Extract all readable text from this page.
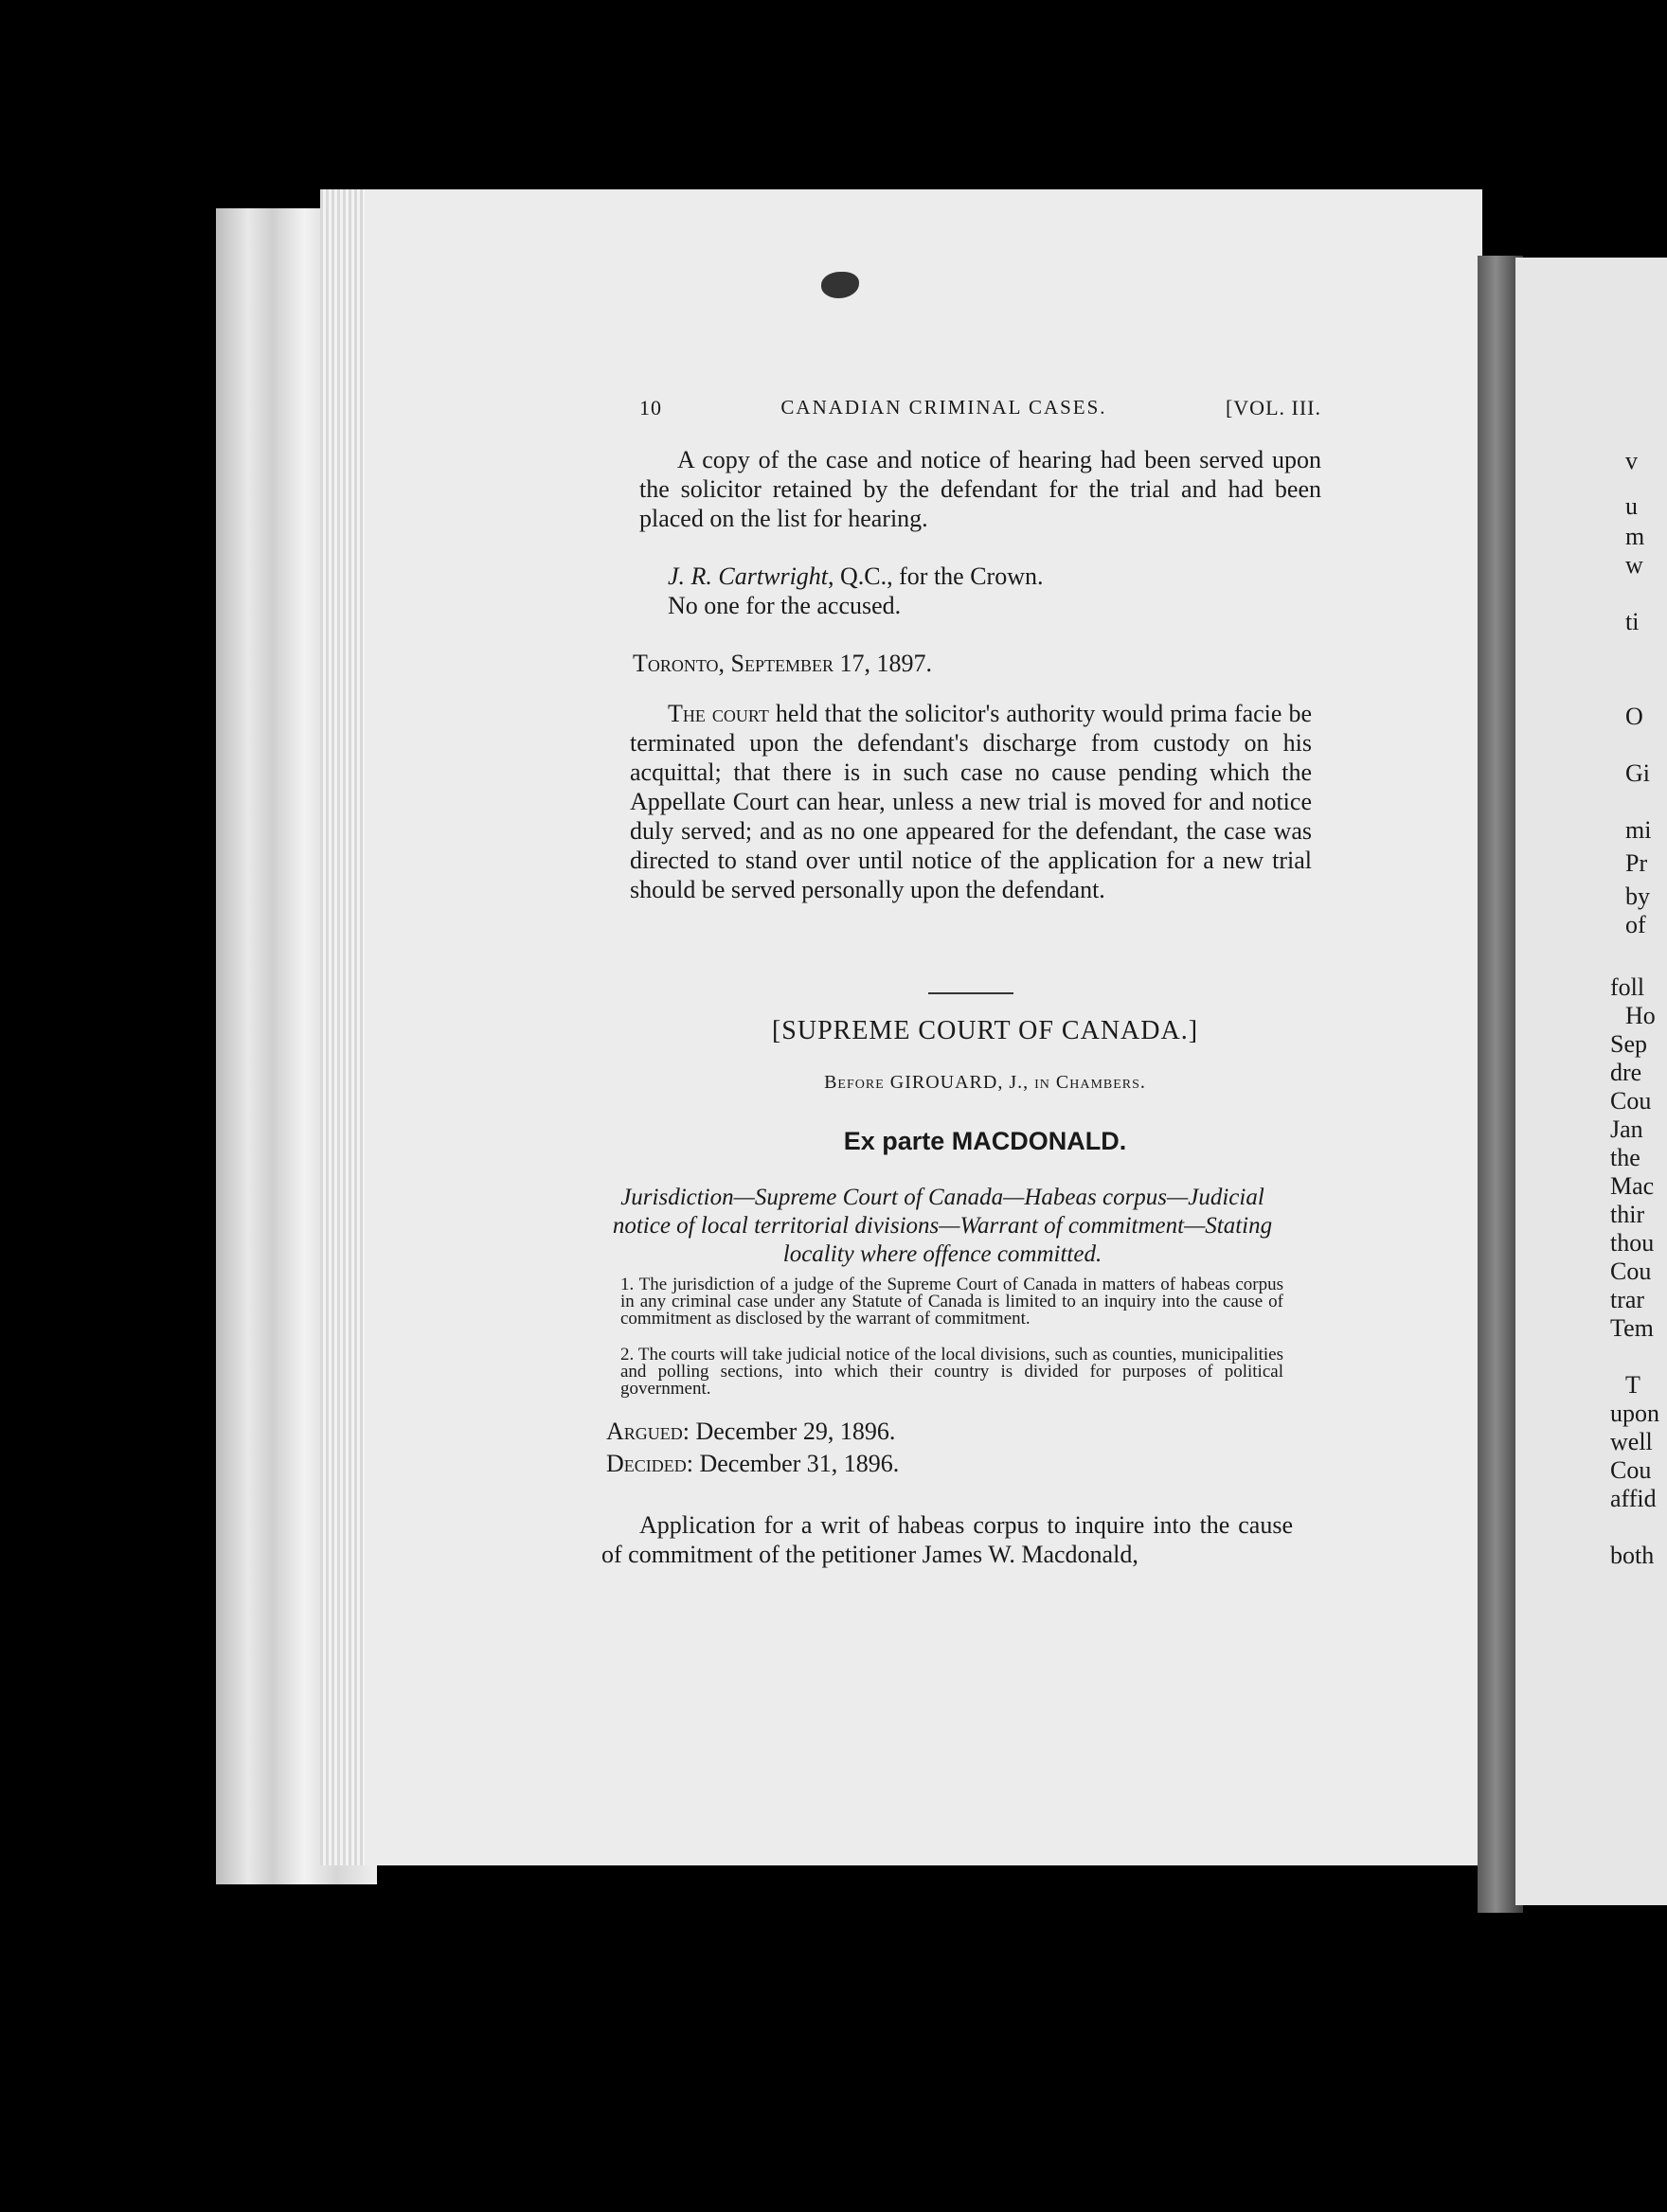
10	CANADIAN CRIMINAL CASES.	[VOL. III.
A copy of the case and notice of hearing had been served upon the solicitor retained by the defendant for the trial and had been placed on the list for hearing.
J. R. Cartwright, Q.C., for the Crown.
No one for the accused.
Toronto, September 17, 1897.
The court held that the solicitor's authority would prima facie be terminated upon the defendant's discharge from custody on his acquittal; that there is in such case no cause pending which the Appellate Court can hear, unless a new trial is moved for and notice duly served; and as no one appeared for the defendant, the case was directed to stand over until notice of the application for a new trial should be served personally upon the defendant.
[SUPREME COURT OF CANADA.]
Before GIROUARD, J., in Chambers.
Ex parte MACDONALD.
Jurisdiction—Supreme Court of Canada—Habeas corpus—Judicial notice of local territorial divisions—Warrant of commitment—Stating locality where offence committed.
1. The jurisdiction of a judge of the Supreme Court of Canada in matters of habeas corpus in any criminal case under any Statute of Canada is limited to an inquiry into the cause of commitment as disclosed by the warrant of commitment.
2. The courts will take judicial notice of the local divisions, such as counties, municipalities and polling sections, into which their country is divided for purposes of political government.
Argued: December 29, 1896.
Decided: December 31, 1896.
Application for a writ of habeas corpus to inquire into the cause of commitment of the petitioner James W. Macdonald,
v
u
m
w
ti
O
Gi
mi
Pr
by
of
foll
Ho
Sep
dre
Cou
Jan
the
Mac
thir
thou
Cou
trar
Tem
T
upon
well
Cou
affid
both
